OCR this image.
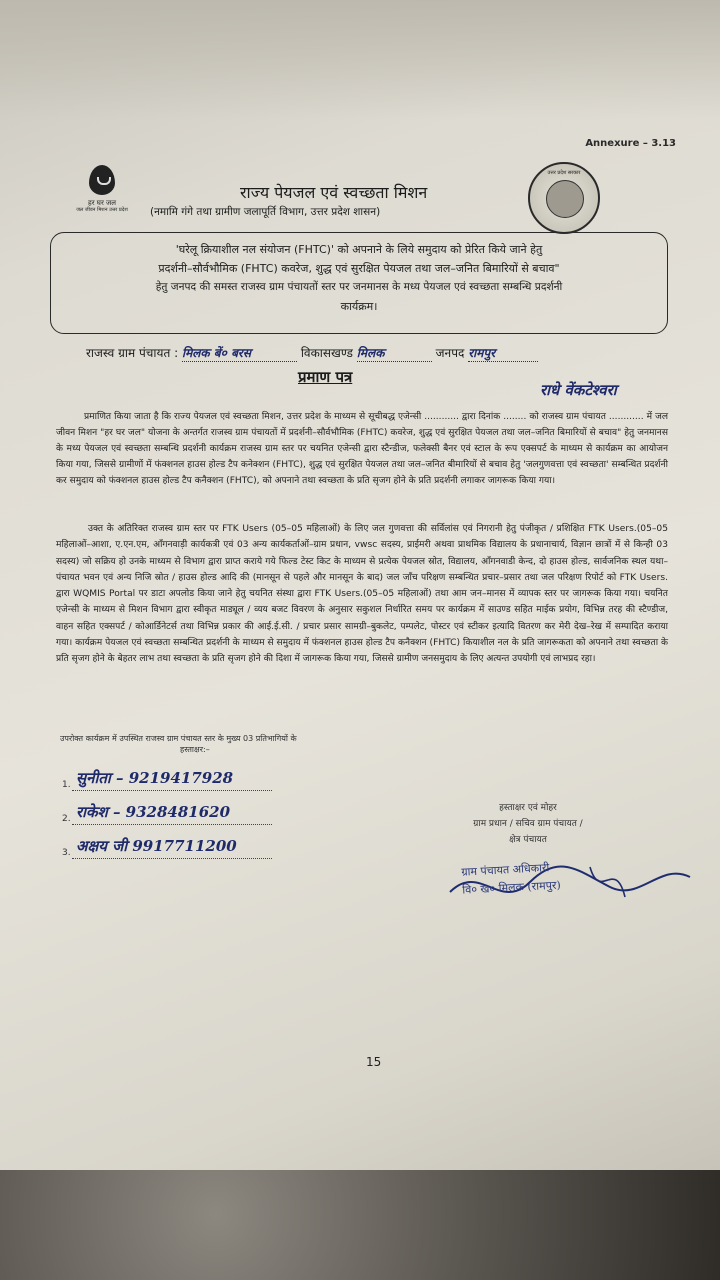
Annexure – 3.13
हर घर जल
जल जीवन मिशन उत्तर प्रदेश
राज्य पेयजल एवं स्वच्छता मिशन
(नमामि गंगे तथा ग्रामीण जलापूर्ति विभाग, उत्तर प्रदेश शासन)
उत्तर प्रदेश सरकार
'घरेलू क्रियाशील नल संयोजन (FHTC)' को अपनाने के लिये समुदाय को प्रेरित किये जाने हेतु
प्रदर्शनी–सौर्वभौमिक (FHTC) कवरेज, शुद्ध एवं सुरक्षित पेयजल तथा जल–जनित बिमारियों से बचाव"
हेतु जनपद की समस्त राजस्व ग्राम पंचायतों स्तर पर जनमानस के मध्य पेयजल एवं स्वच्छता सम्बन्धि प्रदर्शनी
कार्यक्रम।
राजस्व ग्राम पंचायत : मिलक बें० बरस	विकासखण्ड मिलक	जनपद रामपुर
प्रमाण पत्र
प्रमाणित किया जाता है कि राज्य पेयजल एवं स्वच्छता मिशन, उत्तर प्रदेश के माध्यम से सूचीबद्ध एजेन्सी ............ द्वारा दिनांक ........ को राजस्व ग्राम पंचायत ............ में जल जीवन मिशन "हर घर जल" योजना के अन्तर्गत राजस्व ग्राम पंचायतों में प्रदर्शनी–सौर्वभौमिक (FHTC) कवरेज, शुद्ध एवं सुरक्षित पेयजल तथा जल–जनित बिमारियों से बचाव" हेतु जनमानस के मध्य पेयजल एवं स्वच्छता सम्बन्धि प्रदर्शनी कार्यक्रम राजस्व ग्राम स्तर पर चयनित एजेन्सी द्वारा स्टैन्डीज, फलेक्सी बैनर एवं स्टाल के रूप एक्सपर्ट के माध्यम से कार्यक्रम का आयोजन किया गया, जिससे ग्रामीणों में फंक्शनल हाउस होल्ड टैप कनेक्शन (FHTC), शुद्ध एवं सुरक्षित पेयजल तथा जल–जनित बीमारियों से बचाव हेतु 'जलगुणवत्ता एवं स्वच्छता' सम्बन्धित प्रदर्शनी कर समुदाय को फंक्शनल हाउस होल्ड टैप कनैक्शन (FHTC), को अपनाने तथा स्वच्छता के प्रति सृजग होने के प्रति प्रदर्शनी लगाकर जागरूक किया गया।
उक्त के अतिरिक्त राजस्व ग्राम स्तर पर FTK Users (05–05 महिलाओं) के लिए जल गुणवत्ता की सर्विलांस एवं निगरानी हेतु पंजीकृत / प्रशिक्षित FTK Users.(05–05 महिलाओं–आशा, ए.एन.एम, आँगनवाड़ी कार्यकत्री एवं 03 अन्य कार्यकर्ताओं–ग्राम प्रधान, vwsc सदस्य, प्राईमरी अथवा प्राथमिक विद्यालय के प्रधानाचार्य, विज्ञान छात्रों में से किन्ही 03 सदस्य) जो सक्रिय हो उनके माध्यम से विभाग द्वारा प्राप्त कराये गये फिल्ड टेस्ट किट के माध्यम से प्रत्येक पेयजल स्रोत, विद्यालय, आँगनवाडी केन्द, दो हाउस होल्ड, सार्वजनिक स्थल यथा–पंचायत भवन एवं अन्य निजि स्रोत / हाउस होल्ड आदि की (मानसून से पहले और मानसून के बाद) जल जाँच परिक्षण सम्बन्धित प्रचार–प्रसार तथा जल परिक्षण रिपोर्ट को FTK Users. द्वारा WQMIS Portal पर डाटा अपलोड किया जाने हेतु चयनित संस्था द्वारा FTK Users.(05–05 महिलाओं) तथा आम जन–मानस में व्यापक स्तर पर जागरूक किया गया। चयनित एजेन्सी के माध्यम से मिशन विभाग द्वारा स्वीकृत माड्यूल / व्यय बजट विवरण के अनुसार सकुशल निर्धारित समय पर कार्यक्रम में साउण्ड सहित माईक प्रयोग, विभिन्न तरह की स्टैण्डीज, वाहन सहित एक्सपर्ट / कोआर्डिनेटर्स तथा विभिन्न प्रकार की आई.ई.सी. / प्रचार प्रसार सामग्री–बुकलेट, पम्पलेट, पोस्टर एवं स्टीकर इत्यादि वितरण कर मेरी देख–रेख में सम्पादित कराया गया। कार्यक्रम पेयजल एवं स्वच्छता सम्बन्धित प्रदर्शनी के माध्यम से समुदाय में फंक्शनल हाउस होल्ड टैप कनैक्शन (FHTC) कियाशील नल के प्रति जागरूकता को अपनाने तथा स्वच्छता के प्रति सृजग होने के बेहतर लाभ तथा स्वच्छता के प्रति सृजग होने की दिशा में जागरूक किया गया, जिससे ग्रामीण जनसमुदाय के लिए अत्यन्त उपयोगी एवं लाभप्रद रहा।
राधे वेंकटेश्वरा
उपरोक्त कार्यक्रम में उपस्थित राजस्व ग्राम पंचायत स्तर के मुख्य 03 प्रतिभागियों के
हस्ताक्षर:–
1. सुनीता – 9219417928
2. राकेश – 9328481620
3. अक्षय जी 9917711200
हस्ताक्षर एवं मोहर
ग्राम प्रधान / सचिव ग्राम पंचायत /
क्षेत्र पंचायत
ग्राम पंचायत अधिकारी
वि० ख० मिलक (रामपुर)
15
